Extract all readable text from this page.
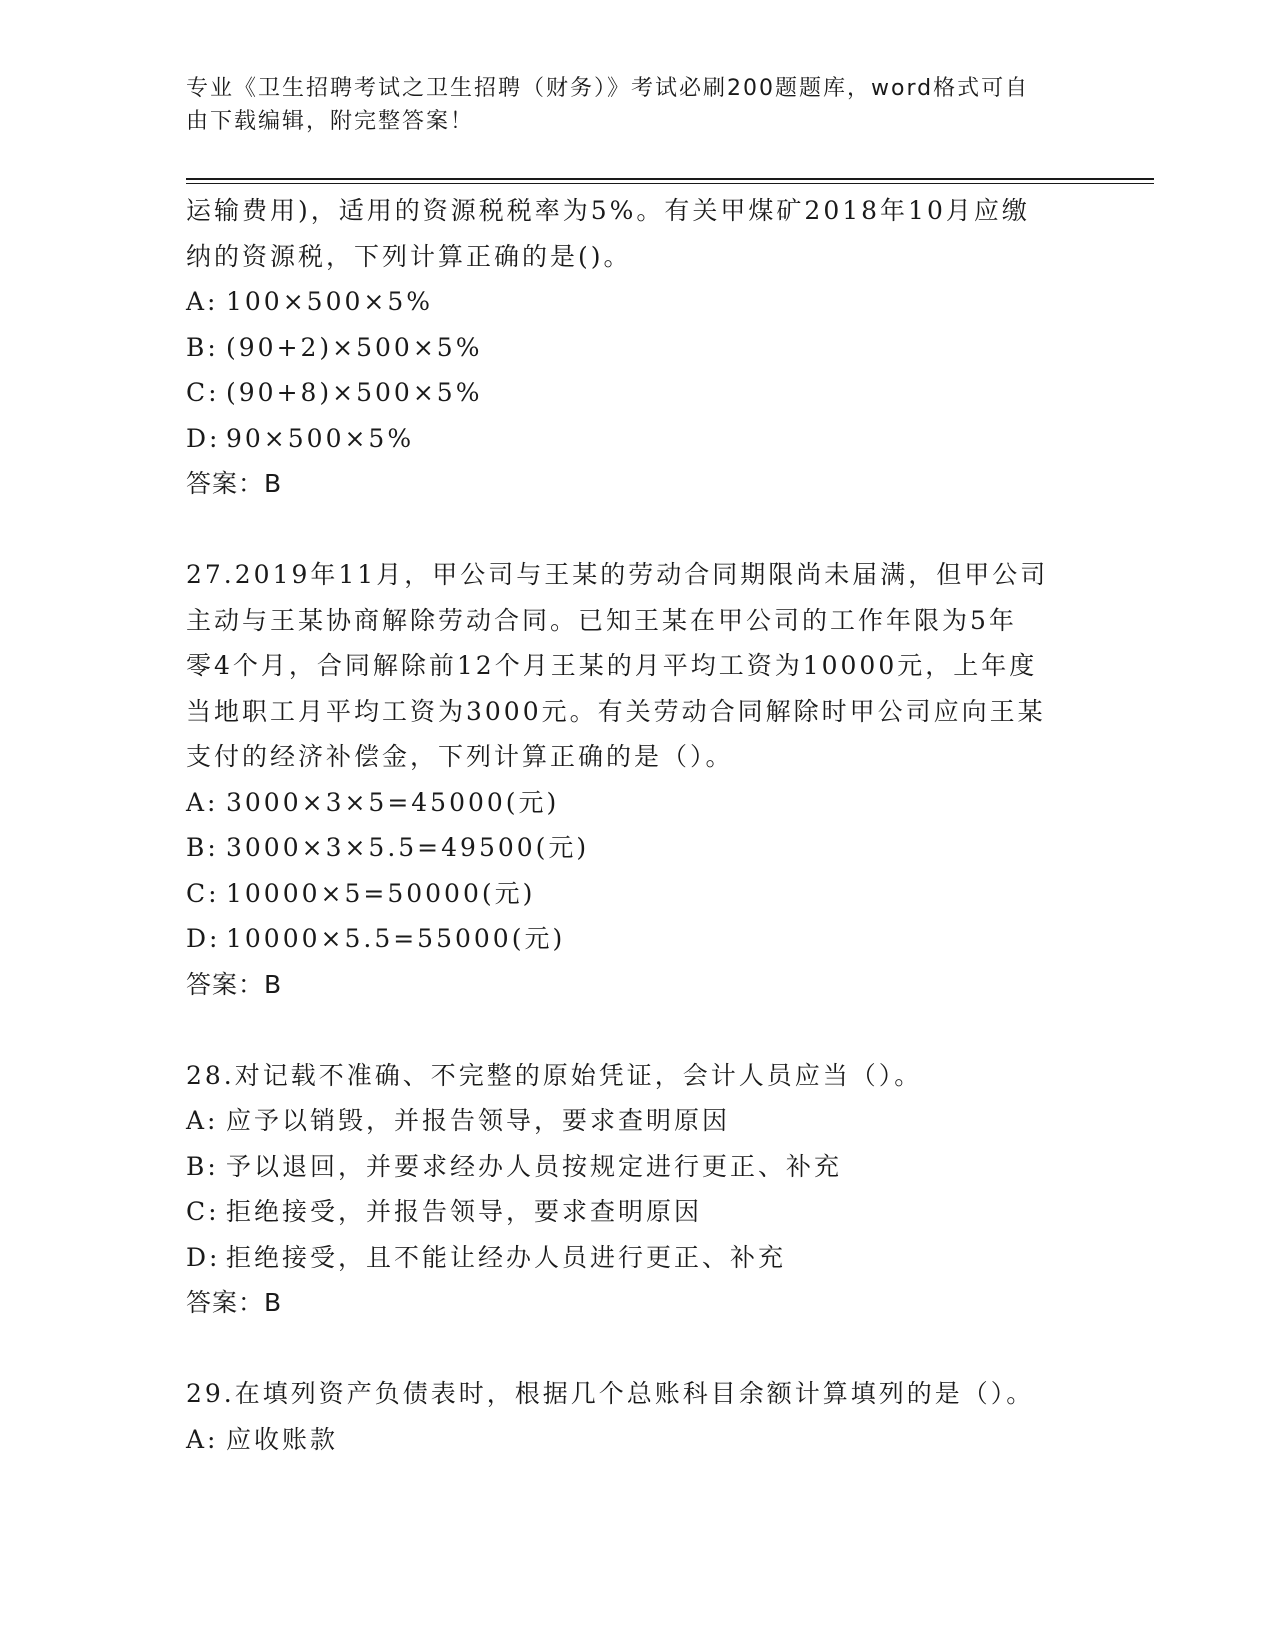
专业《卫生招聘考试之卫生招聘（财务）》考试必刷200题题库，word格式可自
由下载编辑，附完整答案！
运输费用)，适用的资源税税率为5%。有关甲煤矿2018年10月应缴
纳的资源税，下列计算正确的是()。
A: 100×500×5%
B: (90+2)×500×5%
C: (90+8)×500×5%
D: 90×500×5%
答案：B
27.2019年11月，甲公司与王某的劳动合同期限尚未届满，但甲公司
主动与王某协商解除劳动合同。已知王某在甲公司的工作年限为5年
零4个月，合同解除前12个月王某的月平均工资为10000元，上年度
当地职工月平均工资为3000元。有关劳动合同解除时甲公司应向王某
支付的经济补偿金，下列计算正确的是（）。
A: 3000×3×5=45000(元)
B: 3000×3×5.5=49500(元)
C: 10000×5=50000(元)
D: 10000×5.5=55000(元)
答案：B
28.对记载不准确、不完整的原始凭证，会计人员应当（）。
A: 应予以销毁，并报告领导，要求查明原因
B: 予以退回，并要求经办人员按规定进行更正、补充
C: 拒绝接受，并报告领导，要求查明原因
D: 拒绝接受，且不能让经办人员进行更正、补充
答案：B
29.在填列资产负债表时，根据几个总账科目余额计算填列的是（）。
A: 应收账款
